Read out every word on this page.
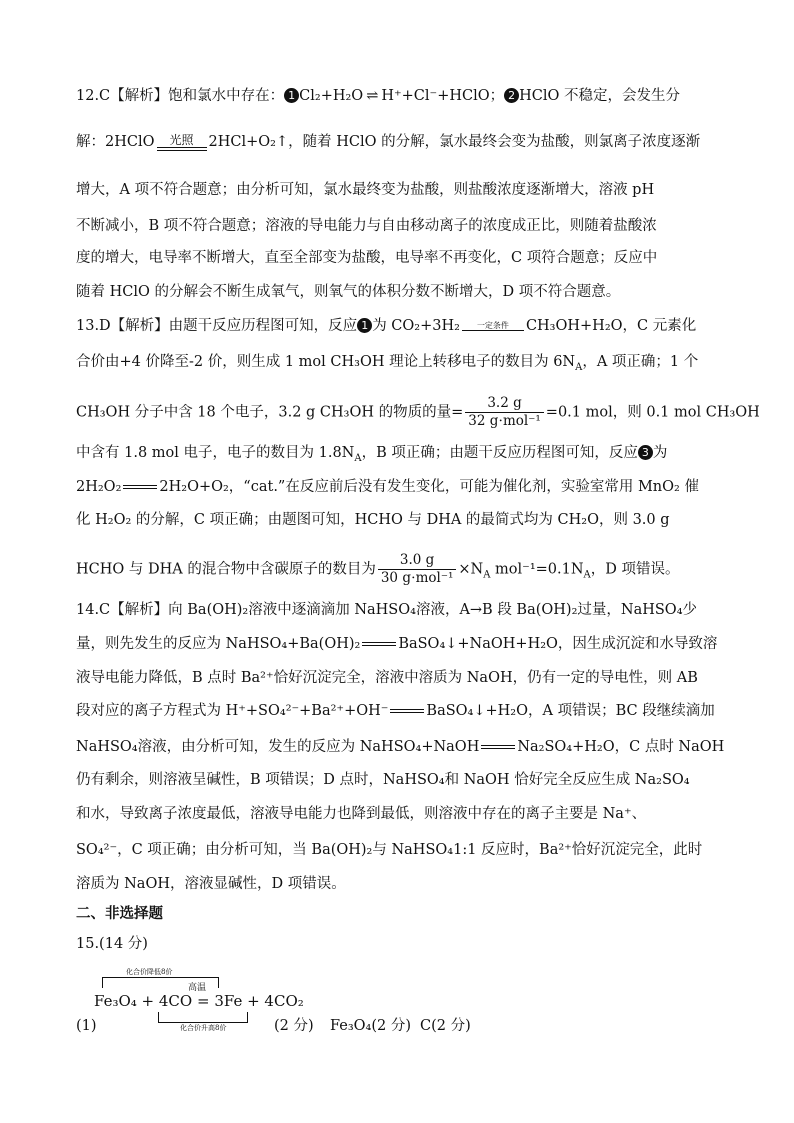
12.C【解析】饱和氯水中存在： 1 Cl₂+H₂O ⇌ H⁺+Cl⁻+HClO； 2 HClO 不稳定，会发生分
解：2HClO	光照	2HCl+O₂↑，随着 HClO 的分解，氯水最终会变为盐酸，则氯离子浓度逐渐
增大，A 项不符合题意；由分析可知，氯水最终变为盐酸，则盐酸浓度逐渐增大，溶液 pH
不断减小，B 项不符合题意；溶液的导电能力与自由移动离子的浓度成正比，则随着盐酸浓
度的增大，电导率不断增大，直至全部变为盐酸，电导率不再变化，C 项符合题意；反应中
随着 HClO 的分解会不断生成氧气，则氧气的体积分数不断增大，D 项不符合题意。
13.D【解析】由题干反应历程图可知，反应 1 为 CO₂+3H₂	一定条件	CH₃OH+H₂O，C 元素化
合价由+4 价降至-2 价，则生成 1 mol CH₃OH 理论上转移电子的数目为 $6N_A$，A 项正确；1 个
CH₃OH 分子中含 18 个电子，3.2 g CH₃OH 的物质的量= $\frac{3.2 g}{\text{32 g⋅mol⁻¹}} =0.1$ mol，则 0.1 mol CH₃OH
中含有 1.8 mol 电子，电子的数目为 $1.8N_A$，B 项正确；由题干反应历程图可知，反应 3 为
2H₂O₂	2H₂O+O₂，“cat.”在反应前后没有发生变化，可能为催化剂，实验室常用 MnO₂ 催
化 H₂O₂ 的分解，C 项正确；由题图可知，HCHO 与 DHA 的最简式均为 CH₂O，则 3.0 g
HCHO 与 DHA 的混合物中含碳原子的数目为 $\frac{3.0 g}{\text{30 g⋅mol⁻¹}} \times N_A$ $mol^{-1}=0.1N_A$，D 项错误。
14.C【解析】向 Ba(OH)₂溶液中逐滴滴加 NaHSO₄溶液，A→B 段 Ba(OH)₂过量，NaHSO₄少
量，则先发生的反应为 NaHSO₄+Ba(OH)₂	BaSO₄↓+NaOH+H₂O，因生成沉淀和水导致溶
液导电能力降低，B 点时 Ba²⁺恰好沉淀完全，溶液中溶质为 NaOH，仍有一定的导电性，则 AB
段对应的离子方程式为 H⁺+SO₄²⁻+Ba²⁺+OH⁻	BaSO₄↓+H₂O，A 项错误；BC 段继续滴加
NaHSO₄溶液，由分析可知，发生的反应为 NaHSO₄+NaOH	Na₂SO₄+H₂O，C 点时 NaOH
仍有剩余，则溶液呈碱性，B 项错误；D 点时，NaHSO₄和 NaOH 恰好完全反应生成 Na₂SO₄
和水，导致离子浓度最低，溶液导电能力也降到最低，则溶液中存在的离子主要是 Na⁺、
SO₄²⁻，C 项正确；由分析可知，当 Ba(OH)₂与 NaHSO₄1:1 反应时，Ba²⁺恰好沉淀完全，此时
溶质为 NaOH，溶液显碱性，D 项错误。
二、非选择题
15.(14 分)
化合价降低8价
高温
Fe₃O₄ + 4CO = 3Fe + 4CO₂
化合价升高8价
(1)	(2 分) Fe₃O₄(2 分) C(2 分)
